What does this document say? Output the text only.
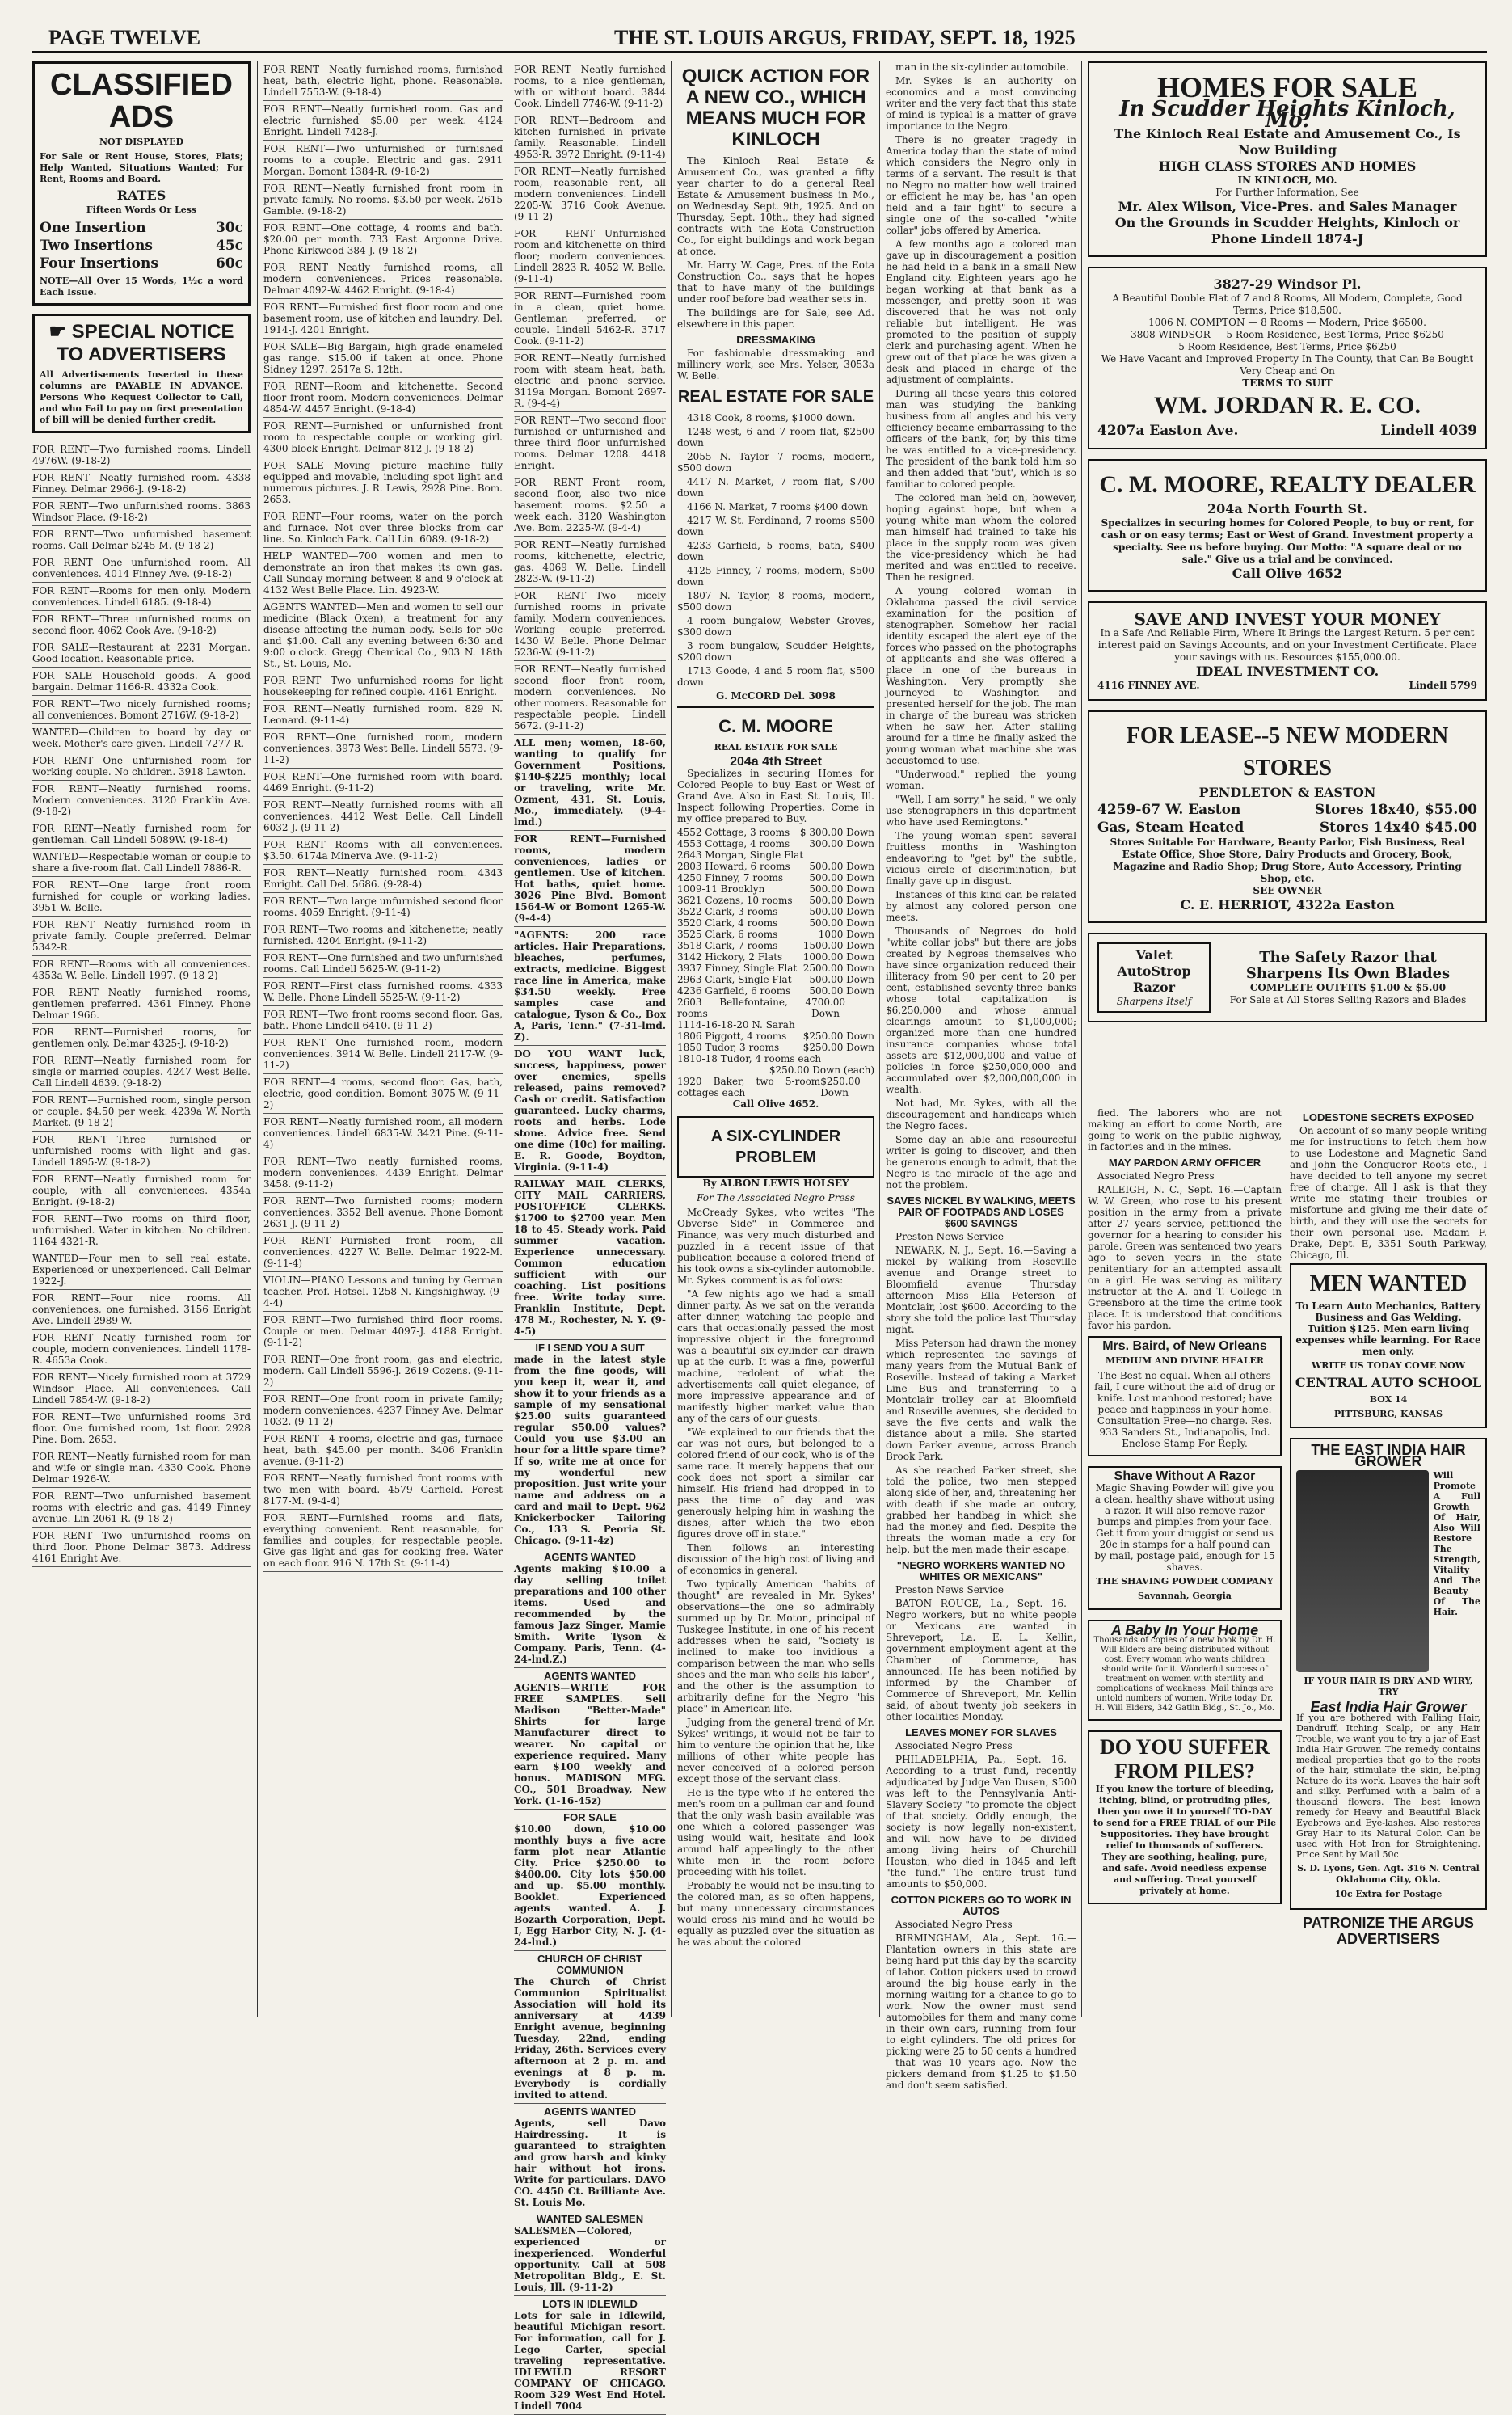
PAGE TWELVE	THE ST. LOUIS ARGUS, FRIDAY, SEPT. 18, 1925
CLASSIFIED ADS
NOT DISPLAYED
For Sale or Rent House, Stores, Flats; Help Wanted, Situations Wanted; For Rent, Rooms and Board.
RATES
Fifteen Words Or Less
One Insertion	30c
Two Insertions	45c
Four Insertions	60c
NOTE—All Over 15 Words, 1½c a word Each Issue.
☛ SPECIAL NOTICE TO ADVERTISERS
All Advertisements Inserted in these columns are PAYABLE IN ADVANCE. Persons Who Request Collector to Call, and who Fail to pay on first presentation of bill will be denied further credit.
FOR RENT—Two furnished rooms. Lindell 4976W. (9-18-2)
FOR RENT—Neatly furnished room. 4338 Finney. Delmar 2966-J. (9-18-2)
FOR RENT—Two unfurnished rooms. 3863 Windsor Place. (9-18-2)
FOR RENT—Two unfurnished basement rooms. Call Delmar 5245-M. (9-18-2)
FOR RENT—One unfurnished room. All conveniences. 4014 Finney Ave. (9-18-2)
FOR RENT—Rooms for men only. Modern conveniences. Lindell 6185. (9-18-4)
FOR RENT—Three unfurnished rooms on second floor. 4062 Cook Ave. (9-18-2)
FOR SALE—Restaurant at 2231 Morgan. Good location. Reasonable price.
FOR SALE—Household goods. A good bargain. Delmar 1166-R. 4332a Cook.
FOR RENT—Two nicely furnished rooms; all conveniences. Bomont 2716W. (9-18-2)
WANTED—Children to board by day or week. Mother's care given. Lindell 7277-R.
FOR RENT—One unfurnished room for working couple. No children. 3918 Lawton.
FOR RENT—Neatly furnished rooms. Modern conveniences. 3120 Franklin Ave. (9-18-2)
FOR RENT—Neatly furnished room for gentleman. Call Lindell 5089W. (9-18-4)
WANTED—Respectable woman or couple to share a five-room flat. Call Lindell 7886-R.
FOR RENT—One large front room furnished for couple or working ladies. 3951 W. Belle.
FOR RENT—Neatly furnished room in private family. Couple preferred. Delmar 5342-R.
FOR RENT—Rooms with all conveniences. 4353a W. Belle. Lindell 1997. (9-18-2)
FOR RENT—Neatly furnished rooms, gentlemen preferred. 4361 Finney. Phone Delmar 1966.
FOR RENT—Furnished rooms, for gentlemen only. Delmar 4325-J. (9-18-2)
FOR RENT—Neatly furnished room for single or married couples. 4247 West Belle. Call Lindell 4639. (9-18-2)
FOR RENT—Furnished room, single person or couple. $4.50 per week. 4239a W. North Market. (9-18-2)
FOR RENT—Three furnished or unfurnished rooms with light and gas. Lindell 1895-W. (9-18-2)
FOR RENT—Neatly furnished room for couple, with all conveniences. 4354a Enright. (9-18-2)
FOR RENT—Two rooms on third floor, unfurnished. Water in kitchen. No children. 1164 4321-R.
WANTED—Four men to sell real estate. Experienced or unexperienced. Call Delmar 1922-J.
FOR RENT—Four nice rooms. All conveniences, one furnished. 3156 Enright Ave. Lindell 2989-W.
FOR RENT—Neatly furnished room for couple, modern conveniences. Lindell 1178-R. 4653a Cook.
FOR RENT—Nicely furnished room at 3729 Windsor Place. All conveniences. Call Lindell 7854-W. (9-18-2)
FOR RENT—Two unfurnished rooms 3rd floor. One furnished room, 1st floor. 2928 Pine. Bom. 2653.
FOR RENT—Neatly furnished room for man and wife or single man. 4330 Cook. Phone Delmar 1926-W.
FOR RENT—Two unfurnished basement rooms with electric and gas. 4149 Finney avenue. Lin 2061-R. (9-18-2)
FOR RENT—Two unfurnished rooms on third floor. Phone Delmar 3873. Address 4161 Enright Ave.
FOR RENT—Neatly furnished rooms, furnished heat, bath, electric light, phone. Reasonable. Lindell 7553-W. (9-18-4)
FOR RENT—Neatly furnished room. Gas and electric furnished $5.00 per week. 4124 Enright. Lindell 7428-J.
FOR RENT—Two unfurnished or furnished rooms to a couple. Electric and gas. 2911 Morgan. Bomont 1384-R. (9-18-2)
FOR RENT—Neatly furnished front room in private family. No rooms. $3.50 per week. 2615 Gamble. (9-18-2)
FOR RENT—One cottage, 4 rooms and bath. $20.00 per month. 733 East Argonne Drive. Phone Kirkwood 384-J. (9-18-2)
FOR RENT—Neatly furnished rooms, all modern conveniences. Prices reasonable. Delmar 4092-W. 4462 Enright. (9-18-4)
FOR RENT—Furnished first floor room and one basement room, use of kitchen and laundry. Del. 1914-J. 4201 Enright.
FOR SALE—Big Bargain, high grade enameled gas range. $15.00 if taken at once. Phone Sidney 1297. 2517a S. 12th.
FOR RENT—Room and kitchenette. Second floor front room. Modern conveniences. Delmar 4854-W. 4457 Enright. (9-18-4)
FOR RENT—Furnished or unfurnished front room to respectable couple or working girl. 4300 block Enright. Delmar 812-J. (9-18-2)
FOR SALE—Moving picture machine fully equipped and movable, including spot light and numerous pictures. J. R. Lewis, 2928 Pine. Bom. 2653.
FOR RENT—Four rooms, water on the porch and furnace. Not over three blocks from car line. So. Kinloch Park. Call Lin. 6089. (9-18-2)
HELP WANTED—700 women and men to demonstrate an iron that makes its own gas. Call Sunday morning between 8 and 9 o'clock at 4132 West Belle Place. Lin. 4923-W.
AGENTS WANTED—Men and women to sell our medicine (Black Oxen), a treatment for any disease affecting the human body. Sells for 50c and $1.00. Call any evening between 6:30 and 9:00 o'clock. Gregg Chemical Co., 903 N. 18th St., St. Louis, Mo.
FOR RENT—Two unfurnished rooms for light housekeeping for refined couple. 4161 Enright.
FOR RENT—Neatly furnished room. 829 N. Leonard. (9-11-4)
FOR RENT—One furnished room, modern conveniences. 3973 West Belle. Lindell 5573. (9-11-2)
FOR RENT—One furnished room with board. 4469 Enright. (9-11-2)
FOR RENT—Neatly furnished rooms with all conveniences. 4412 West Belle. Call Lindell 6032-J. (9-11-2)
FOR RENT—Rooms with all conveniences. $3.50. 6174a Minerva Ave. (9-11-2)
FOR RENT—Neatly furnished room. 4343 Enright. Call Del. 5686. (9-28-4)
FOR RENT—Two large unfurnished second floor rooms. 4059 Enright. (9-11-4)
FOR RENT—Two rooms and kitchenette; neatly furnished. 4204 Enright. (9-11-2)
FOR RENT—One furnished and two unfurnished rooms. Call Lindell 5625-W. (9-11-2)
FOR RENT—First class furnished rooms. 4333 W. Belle. Phone Lindell 5525-W. (9-11-2)
FOR RENT—Two front rooms second floor. Gas, bath. Phone Lindell 6410. (9-11-2)
FOR RENT—One furnished room, modern conveniences. 3914 W. Belle. Lindell 2117-W. (9-11-2)
FOR RENT—4 rooms, second floor. Gas, bath, electric, good condition. Bomont 3075-W. (9-11-2)
FOR RENT—Neatly furnished room, all modern conveniences. Lindell 6835-W. 3421 Pine. (9-11-4)
FOR RENT—Two neatly furnished rooms, modern conveniences. 4439 Enright. Delmar 3458. (9-11-2)
FOR RENT—Two furnished rooms; modern conveniences. 3352 Bell avenue. Phone Bomont 2631-J. (9-11-2)
FOR RENT—Furnished front room, all conveniences. 4227 W. Belle. Delmar 1922-M. (9-11-4)
VIOLIN—PIANO Lessons and tuning by German teacher. Prof. Hotsel. 1258 N. Kingshighway. (9-4-4)
FOR RENT—Two furnished third floor rooms. Couple or men. Delmar 4097-J. 4188 Enright. (9-11-2)
FOR RENT—One front room, gas and electric, modern. Call Lindell 5596-J. 2619 Cozens. (9-11-2)
FOR RENT—One front room in private family; modern conveniences. 4237 Finney Ave. Delmar 1032. (9-11-2)
FOR RENT—4 rooms, electric and gas, furnace heat, bath. $45.00 per month. 3406 Franklin avenue. (9-11-2)
FOR RENT—Neatly furnished front rooms with two men with board. 4579 Garfield. Forest 8177-M. (9-4-4)
FOR RENT—Furnished rooms and flats, everything convenient. Rent reasonable, for families and couples; for respectable people. Give gas light and gas for cooking free. Water on each floor. 916 N. 17th St. (9-11-4)
FOR RENT—Neatly furnished rooms, to a nice gentleman, with or without board. 3844 Cook. Lindell 7746-W. (9-11-2)
FOR RENT—Bedroom and kitchen furnished in private family. Reasonable. Lindell 4953-R. 3972 Enright. (9-11-4)
FOR RENT—Neatly furnished room, reasonable rent, all modern conveniences. Lindell 2205-W. 3716 Cook Avenue. (9-11-2)
FOR RENT—Unfurnished room and kitchenette on third floor; modern conveniences. Lindell 2823-R. 4052 W. Belle. (9-11-4)
FOR RENT—Furnished room in a clean, quiet home. Gentleman preferred, or couple. Lindell 5462-R. 3717 Cook. (9-11-2)
FOR RENT—Neatly furnished room with steam heat, bath, electric and phone service. 3119a Morgan. Bomont 2697-R. (9-4-4)
FOR RENT—Two second floor furnished or unfurnished and three third floor unfurnished rooms. Delmar 1208. 4418 Enright.
FOR RENT—Front room, second floor, also two nice basement rooms. $2.50 a week each. 3120 Washington Ave. Bom. 2225-W. (9-4-4)
FOR RENT—Neatly furnished rooms, kitchenette, electric, gas. 4069 W. Belle. Lindell 2823-W. (9-11-2)
FOR RENT—Two nicely furnished rooms in private family. Modern conveniences. Working couple preferred. 1430 W. Belle. Phone Delmar 5236-W. (9-11-2)
FOR RENT—Neatly furnished second floor front room, modern conveniences. No other roomers. Reasonable for respectable people. Lindell 5672. (9-11-2)
ALL men; women, 18-60, wanting to qualify for Government Positions, $140-$225 monthly; local or traveling, write Mr. Ozment, 431, St. Louis, Mo., immediately. (9-4-lmd.)
FOR RENT—Furnished rooms, modern conveniences, ladies or gentlemen. Use of kitchen. Hot baths, quiet home. 3026 Pine Blvd. Bomont 1564-W or Bomont 1265-W. (9-4-4)
"AGENTS: 200 race articles. Hair Preparations, bleaches, perfumes, extracts, medicine. Biggest race line in America, make $34.50 weekly. Free samples case and catalogue, Tyson & Co., Box A, Paris, Tenn." (7-31-lmd. Z).
DO YOU WANT luck, success, happiness, power over enemies, spells released, pains removed? Cash or credit. Satisfaction guaranteed. Lucky charms, roots and herbs. Lode stone. Advice free. Send one dime (10c) for mailing. E. R. Goode, Boydton, Virginia. (9-11-4)
RAILWAY MAIL CLERKS, CITY MAIL CARRIERS, POSTOFFICE CLERKS. $1700 to $2700 year. Men 18 to 45. Steady work. Paid summer vacation. Experience unnecessary. Common education sufficient with our coaching. List positions free. Write today sure. Franklin Institute, Dept. 478 M., Rochester, N. Y. (9-4-5)
IF I SEND YOU A SUIT
made in the latest style from the fine goods, will you keep it, wear it, and show it to your friends as a sample of my sensational $25.00 suits guaranteed regular $50.00 values? Could you use $3.00 an hour for a little spare time? If so, write me at once for my wonderful new proposition. Just write your name and address on a card and mail to Dept. 962 Knickerbocker Tailoring Co., 133 S. Peoria St. Chicago. (9-11-4z)
AGENTS WANTED
Agents making $10.00 a day selling toilet preparations and 100 other items. Used and recommended by the famous Jazz Singer, Mamie Smith. Write Tyson & Company. Paris, Tenn. (4-24-lnd.Z.)
AGENTS WANTED
AGENTS—WRITE FOR FREE SAMPLES. Sell Madison "Better-Made" Shirts for large Manufacturer direct to wearer. No capital or experience required. Many earn $100 weekly and bonus. MADISON MFG. CO., 501 Broadway, New York. (1-16-45z)
FOR SALE
$10.00 down, $10.00 monthly buys a five acre farm plot near Atlantic City. Price $250.00 to $400.00. City lots $50.00 and up. $5.00 monthly. Booklet. Experienced agents wanted. A. J. Bozarth Corporation, Dept. I, Egg Harbor City, N. J. (4-24-lnd.)
CHURCH OF CHRIST COMMUNION
The Church of Christ Communion Spiritualist Association will hold its anniversary at 4439 Enright avenue, beginning Tuesday, 22nd, ending Friday, 26th. Services every afternoon at 2 p. m. and evenings at 8 p. m. Everybody is cordially invited to attend.
AGENTS WANTED
Agents, sell Davo Hairdressing. It is guaranteed to straighten and grow harsh and kinky hair without hot irons. Write for particulars. DAVO CO. 4450 Ct. Brilliante Ave. St. Louis Mo.
WANTED SALESMEN
SALESMEN—Colored, experienced or inexperienced. Wonderful opportunity. Call at 508 Metropolitan Bldg., E. St. Louis, Ill. (9-11-2)
LOTS IN IDLEWILD
Lots for sale in Idlewild, beautiful Michigan resort. For information, call for J. Lego Carter, special traveling representative. IDLEWILD RESORT COMPANY OF CHICAGO. Room 329 West End Hotel. Lindell 7004
QUICK ACTION FOR A NEW CO., WHICH MEANS MUCH FOR KINLOCH
The Kinloch Real Estate & Amusement Co., was granted a fifty year charter to do a general Real Estate & Amusement business in Mo., on Wednesday Sept. 9th, 1925. And on Thursday, Sept. 10th., they had signed contracts with the Eota Construction Co., for eight buildings and work began at once.
Mr. Harry W. Cage, Pres. of the Eota Construction Co., says that he hopes that to have many of the buildings under roof before bad weather sets in.
The buildings are for Sale, see Ad. elsewhere in this paper.
DRESSMAKING
For fashionable dressmaking and millinery work, see Mrs. Yelser, 3053a W. Belle.
REAL ESTATE FOR SALE
4318 Cook, 8 rooms, $1000 down.
1248 west, 6 and 7 room flat, $2500 down
2055 N. Taylor 7 rooms, modern, $500 down
4417 N. Market, 7 room flat, $700 down
4166 N. Market, 7 rooms $400 down
4217 W. St. Ferdinand, 7 rooms $500 down
4233 Garfield, 5 rooms, bath, $400 down
4125 Finney, 7 rooms, modern, $500 down
1807 N. Taylor, 8 rooms, modern, $500 down
4 room bungalow, Webster Groves, $300 down
3 room bungalow, Scudder Heights, $200 down
1713 Goode, 4 and 5 room flat, $500 down
G. McCORD Del. 3098
C. M. MOORE
REAL ESTATE FOR SALE
204a 4th Street
Specializes in securing Homes for Colored People to buy East or West of Grand Ave. Also in East St. Louis, Ill. Inspect following Properties. Come in my office prepared to Buy.
4552 Cottage, 3 rooms $ 300.00 Down
4553 Cottage, 4 rooms 300.00 Down
2643 Morgan, Single Flat
2803 Howard, 6 rooms 500.00 Down
4250 Finney, 7 rooms	500.00 Down
1009-11 Brooklyn	500.00 Down
3621 Cozens, 10 rooms 500.00 Down
3522 Clark, 3 rooms	500.00 Down
3520 Clark, 4 rooms	500.00 Down
3525 Clark, 6 rooms	1000 Down
3518 Clark, 7 rooms	1500.00 Down
3142 Hickory, 2 Flats 1000.00 Down
3937 Finney, Single Flat 2500.00 Down
2963 Clark, Single Flat 500.00 Down
4236 Garfield, 6 rooms 500.00 Down
2603 Bellefontaine, 4 rooms
700.00 Down
1114-16-18-20 N. Sarah
1806 Piggott, 4 rooms $250.00 Down
1850 Tudor, 3 rooms $250.00 Down
1810-18 Tudor, 4 rooms each
$250.00 Down (each)
1920 Baker, two 5-room cottages each
$250.00 Down
Call Olive 4652.
A SIX-CYLINDER PROBLEM
By ALBON LEWIS HOLSEY
For The Associated Negro Press
McCready Sykes, who writes "The Obverse Side" in Commerce and Finance, was very much disturbed and puzzled in a recent issue of that publication because a colored friend of his took owns a six-cylinder automobile. Mr. Sykes' comment is as follows:
"A few nights ago we had a small dinner party. As we sat on the veranda after dinner, watching the people and cars that occasionally passed the most impressive object in the foreground was a beautiful six-cylinder car drawn up at the curb. It was a fine, powerful machine, redolent of what the advertisements call quiet elegance, of more impressive appearance and of manifestly higher market value than any of the cars of our guests.
"We explained to our friends that the car was not ours, but belonged to a colored friend of our cook, who is of the same race. It merely happens that our cook does not sport a similar car himself. His friend had dropped in to pass the time of day and was generously helping him in washing the dishes, after which the two ebon figures drove off in state."
Then follows an interesting discussion of the high cost of living and of economics in general.
Two typically American "habits of thought" are revealed in Mr. Sykes' observations—the one so admirably summed up by Dr. Moton, principal of Tuskegee Institute, in one of his recent addresses when he said, "Society is inclined to make too invidious a comparison between the man who sells shoes and the man who sells his labor", and the other is the assumption to arbitrarily define for the Negro "his place" in American life.
Judging from the general trend of Mr. Sykes' writings, it would not be fair to him to venture the opinion that he, like millions of other white people has never conceived of a colored person except those of the servant class.
He is the type who if he entered the men's room on a pullman car and found that the only wash basin available was one which a colored passenger was using would wait, hesitate and look around half appealingly to the other white men in the room before proceeding with his toilet.
Probably he would not be insulting to the colored man, as so often happens, but many unnecessary circumstances would cross his mind and he would be equally as puzzled over the situation as he was about the colored
man in the six-cylinder automobile.
Mr. Sykes is an authority on economics and a most convincing writer and the very fact that this state of mind is typical is a matter of grave importance to the Negro.
There is no greater tragedy in America today than the state of mind which considers the Negro only in terms of a servant. The result is that no Negro no matter how well trained or efficient he may be, has "an open field and a fair fight" to secure a single one of the so-called "white collar" jobs offered by America.
A few months ago a colored man gave up in discouragement a position he had held in a bank in a small New England city. Eighteen years ago he began working at that bank as a messenger, and pretty soon it was discovered that he was not only reliable but intelligent. He was promoted to the position of supply clerk and purchasing agent. When he grew out of that place he was given a desk and placed in charge of the adjustment of complaints.
During all these years this colored man was studying the banking business from all angles and his very efficiency became embarrassing to the officers of the bank, for, by this time he was entitled to a vice-presidency. The president of the bank told him so and then added that 'but', which is so familiar to colored people.
The colored man held on, however, hoping against hope, but when a young white man whom the colored man himself had trained to take his place in the supply room was given the vice-presidency which he had merited and was entitled to receive. Then he resigned.
A young colored woman in Oklahoma passed the civil service examination for the position of stenographer. Somehow her racial identity escaped the alert eye of the forces who passed on the photographs of applicants and she was offered a place in one of the bureaus in Washington. Very promptly she journeyed to Washington and presented herself for the job. The man in charge of the bureau was stricken when he saw her. After stalling around for a time he finally asked the young woman what machine she was accustomed to use.
"Underwood," replied the young woman.
"Well, I am sorry," he said, " we only use stenographers in this department who have used Remingtons."
The young woman spent several fruitless months in Washington endeavoring to "get by" the subtle, vicious circle of discrimination, but finally gave up in disgust.
Instances of this kind can be related by almost any colored person one meets.
Thousands of Negroes do hold "white collar jobs" but there are jobs created by Negroes themselves who have since organization reduced their illiteracy from 90 per cent to 20 per cent, established seventy-three banks whose total capitalization is $6,250,000 and whose annual clearings amount to $1,000,000; organized more than one hundred insurance companies whose total assets are $12,000,000 and value of policies in force $250,000,000 and accumulated over $2,000,000,000 in wealth.
Not had, Mr. Sykes, with all the discouragement and handicaps which the Negro faces.
Some day an able and resourceful writer is going to discover, and then be generous enough to admit, that the Negro is the miracle of the age and not the problem.
SAVES NICKEL BY WALKING, MEETS PAIR OF FOOTPADS AND LOSES $600 SAVINGS
Preston News Service
NEWARK, N. J., Sept. 16.—Saving a nickel by walking from Roseville avenue and Orange street to Bloomfield avenue Thursday afternoon Miss Ella Peterson of Montclair, lost $600. According to the story she told the police last Thursday night.
Miss Peterson had drawn the money which represented the savings of many years from the Mutual Bank of Roseville. Instead of taking a Market Line Bus and transferring to a Montclair trolley car at Bloomfield and Roseville avenues, she decided to save the five cents and walk the distance about a mile. She started down Parker avenue, across Branch Brook Park.
As she reached Parker street, she told the police, two men stepped along side of her, and, threatening her with death if she made an outcry, grabbed her handbag in which she had the money and fled. Despite the threats the woman made a cry for help, but the men made their escape.
"NEGRO WORKERS WANTED NO WHITES OR MEXICANS"
Preston News Service
BATON ROUGE, La., Sept. 16.—Negro workers, but no white people or Mexicans are wanted in Shreveport, La. E. L. Kellin, government employment agent at the Chamber of Commerce, has announced. He has been notified by informed by the Chamber of Commerce of Shreveport, Mr. Kellin said, of about twenty job seekers in other localities Monday.
LEAVES MONEY FOR SLAVES
Associated Negro Press
PHILADELPHIA, Pa., Sept. 16.—According to a trust fund, recently adjudicated by Judge Van Dusen, $500 was left to the Pennsylvania Anti-Slavery Society "to promote the object of that society. Oddly enough, the society is now legally non-existent, and will now have to be divided among living heirs of Churchill Houston, who died in 1845 and left "the fund." The entire trust fund amounts to $50,000.
COTTON PICKERS GO TO WORK IN AUTOS
Associated Negro Press
BIRMINGHAM, Ala., Sept. 16.—Plantation owners in this state are being hard put this day by the scarcity of labor. Cotton pickers used to crowd around the big house early in the morning waiting for a chance to go to work. Now the owner must send automobiles for them and many come in their own cars, running from four to eight cylinders. The old prices for picking were 25 to 50 cents a hundred—that was 10 years ago. Now the pickers demand from $1.25 to $1.50 and don't seem satisfied.
HOMES FOR SALE
In Scudder Heights Kinloch, Mo.
The Kinloch Real Estate and Amusement Co., Is Now Building
HIGH CLASS STORES AND HOMES
IN KINLOCH, MO.
For Further Information, See
Mr. Alex Wilson, Vice-Pres. and Sales Manager
On the Grounds in Scudder Heights, Kinloch or Phone Lindell 1874-J
3827-29 Windsor Pl.
A Beautiful Double Flat of 7 and 8 Rooms, All Modern, Complete, Good Terms, Price $18,500.
1006 N. COMPTON — 8 Rooms — Modern, Price $6500.
3808 WINDSOR — 5 Room Residence, Best Terms, Price $6250
5 Room Residence, Best Terms, Price $6250
We Have Vacant and Improved Property In The County, that Can Be Bought Very Cheap and On
TERMS TO SUIT
WM. JORDAN R. E. CO.
4207a Easton Ave.	Lindell 4039
C. M. MOORE, REALTY DEALER
204a North Fourth St.
Specializes in securing homes for Colored People, to buy or rent, for cash or on easy terms; East or West of Grand. Investment property a specialty. See us before buying. Our Motto: "A square deal or no sale." Give us a trial and be convinced.
Call Olive 4652
SAVE AND INVEST YOUR MONEY
In a Safe And Reliable Firm, Where It Brings the Largest Return. 5 per cent interest paid on Savings Accounts, and on your Investment Certificate. Place your savings with us. Resources $155,000.00.
IDEAL INVESTMENT CO.
4116 FINNEY AVE.	Lindell 5799
FOR LEASE--5 NEW MODERN STORES
PENDLETON & EASTON
4259-67 W. Easton	Stores 18x40, $55.00
Gas, Steam Heated	Stores 14x40 $45.00
Stores Suitable For Hardware, Beauty Parlor, Fish Business, Real Estate Office, Shoe Store, Dairy Products and Grocery, Book, Magazine and Radio Shop; Drug Store, Auto Accessory, Printing Shop, etc.
SEE OWNER
C. E. HERRIOT, 4322a Easton
Valet AutoStrop Razor
Sharpens Itself
The Safety Razor that Sharpens Its Own Blades
COMPLETE OUTFITS $1.00 & $5.00
For Sale at All Stores Selling Razors and Blades
fied. The laborers who are not making an effort to come North, are going to work on the public highway, in factories and in the mines.
MAY PARDON ARMY OFFICER
Associated Negro Press
RALEIGH, N. C., Sept. 16.—Captain W. W. Green, who rose to his present position in the army from a private after 27 years service, petitioned the governor for a hearing to consider his parole. Green was sentenced two years ago to seven years in the state penitentiary for an attempted assault on a girl. He was serving as military instructor at the A. and T. College in Greensboro at the time the crime took place. It is understood that conditions favor his pardon.
Mrs. Baird, of New Orleans
MEDIUM AND DIVINE HEALER
The Best-no equal. When all others fail, I cure without the aid of drug or knife. Lost manhood restored; have peace and happiness in your home. Consultation Free—no charge. Res. 933 Sanders St., Indianapolis, Ind. Enclose Stamp For Reply.
Shave Without A Razor
Magic Shaving Powder will give you a clean, healthy shave without using a razor. It will also remove razor bumps and pimples from your face. Get it from your druggist or send us 20c in stamps for a half pound can by mail, postage paid, enough for 15 shaves.
THE SHAVING POWDER COMPANY
Savannah, Georgia
A Baby In Your Home
Thousands of copies of a new book by Dr. H. Will Elders are being distributed without cost. Every woman who wants children should write for it. Wonderful success of treatment on women with sterility and complications of weakness. Mail things are untold numbers of women. Write today. Dr. H. Will Elders, 342 Gatlin Bldg., St. Jo., Mo.
DO YOU SUFFER FROM PILES?
If you know the torture of bleeding, itching, blind, or protruding piles, then you owe it to yourself TO-DAY to send for a FREE TRIAL of our Pile Suppositories. They have brought relief to thousands of sufferers. They are soothing, healing, pure, and safe. Avoid needless expense and suffering. Treat yourself privately at home.
LODESTONE SECRETS EXPOSED
On account of so many people writing me for instructions to fetch them how to use Lodestone and Magnetic Sand and John the Conqueror Roots etc., I have decided to tell anyone my secret free of charge. All I ask is that they write me stating their troubles or misfortune and giving me their date of birth, and they will use the secrets for their own personal use. Madam F. Drake, Dept. E, 3351 South Parkway, Chicago, Ill.
MEN WANTED
To Learn Auto Mechanics, Battery Business and Gas Welding. Tuition $125. Men earn living expenses while learning. For Race men only.
WRITE US TODAY COME NOW
CENTRAL AUTO SCHOOL
BOX 14
PITTSBURG, KANSAS
THE EAST INDIA HAIR GROWER
Will Promote A Full Growth Of Hair, Also Will Restore The Strength, Vitality And The Beauty Of The Hair.
IF YOUR HAIR IS DRY AND WIRY, TRY
East India Hair Grower
If you are bothered with Falling Hair, Dandruff, Itching Scalp, or any Hair Trouble, we want you to try a jar of East India Hair Grower. The remedy contains medical properties that go to the roots of the hair, stimulate the skin, helping Nature do its work. Leaves the hair soft and silky. Perfumed with a balm of a thousand flowers. The best known remedy for Heavy and Beautiful Black Eyebrows and Eye-lashes. Also restores Gray Hair to its Natural Color. Can be used with Hot Iron for Straightening. Price Sent by Mail 50c
S. D. Lyons, Gen. Agt. 316 N. Central Oklahoma City, Okla.
10c Extra for Postage
PATRONIZE THE ARGUS ADVERTISERS
